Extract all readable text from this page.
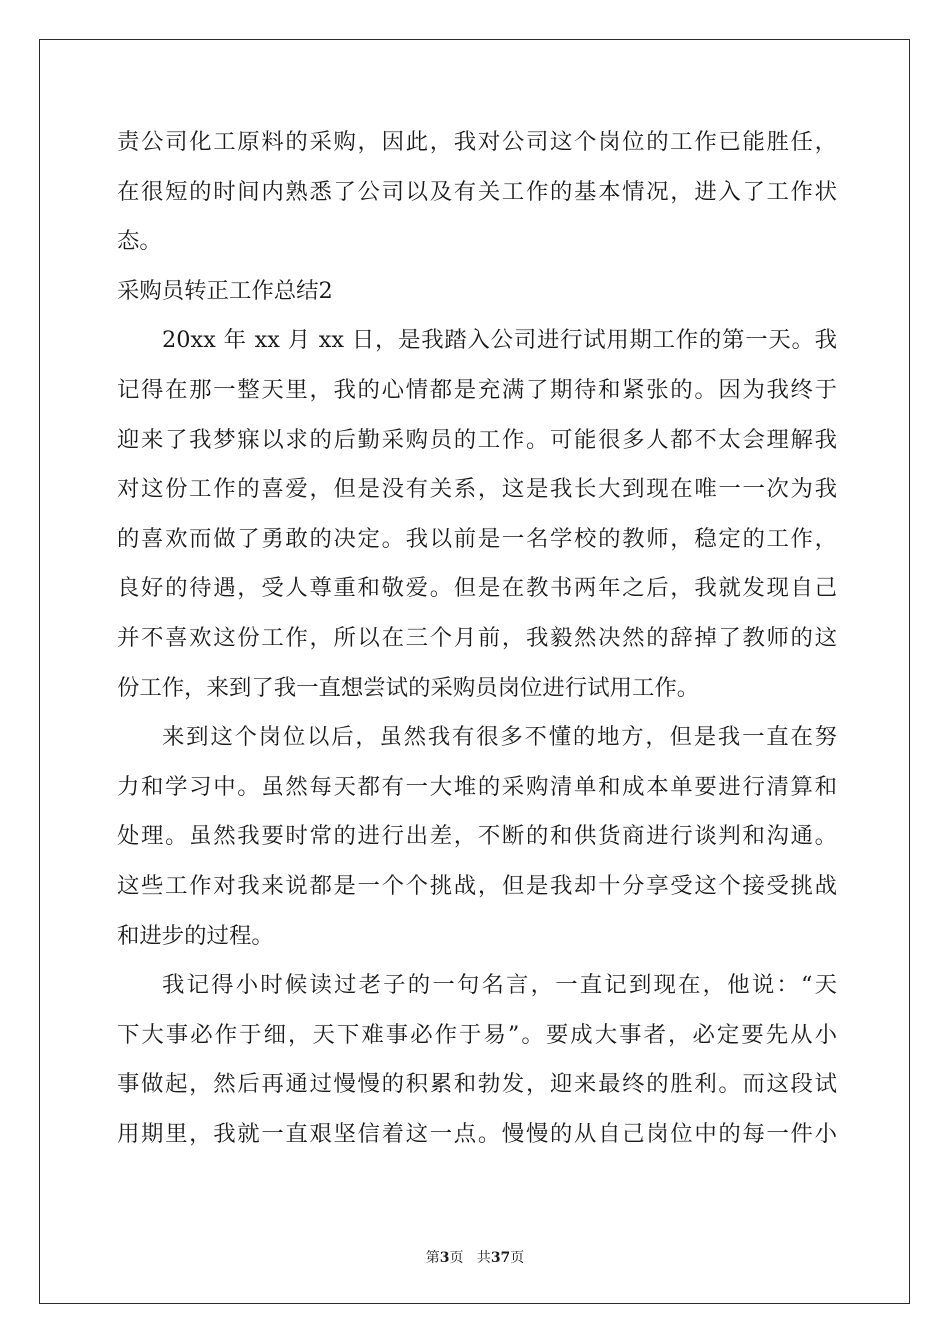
责公司化工原料的采购，因此，我对公司这个岗位的工作已能胜任，
在很短的时间内熟悉了公司以及有关工作的基本情况，进入了工作状
态。
采购员转正工作总结2
20xx 年 xx 月 xx 日，是我踏入公司进行试用期工作的第一天。我
记得在那一整天里，我的心情都是充满了期待和紧张的。因为我终于
迎来了我梦寐以求的后勤采购员的工作。可能很多人都不太会理解我
对这份工作的喜爱，但是没有关系，这是我长大到现在唯一一次为我
的喜欢而做了勇敢的决定。我以前是一名学校的教师，稳定的工作，
良好的待遇，受人尊重和敬爱。但是在教书两年之后，我就发现自己
并不喜欢这份工作，所以在三个月前，我毅然决然的辞掉了教师的这
份工作，来到了我一直想尝试的采购员岗位进行试用工作。
来到这个岗位以后，虽然我有很多不懂的地方，但是我一直在努
力和学习中。虽然每天都有一大堆的采购清单和成本单要进行清算和
处理。虽然我要时常的进行出差，不断的和供货商进行谈判和沟通。
这些工作对我来说都是一个个挑战，但是我却十分享受这个接受挑战
和进步的过程。
我记得小时候读过老子的一句名言，一直记到现在，他说：“天
下大事必作于细，天下难事必作于易”。要成大事者，必定要先从小
事做起，然后再通过慢慢的积累和勃发，迎来最终的胜利。而这段试
用期里，我就一直艰坚信着这一点。慢慢的从自己岗位中的每一件小
第3页 共37页
